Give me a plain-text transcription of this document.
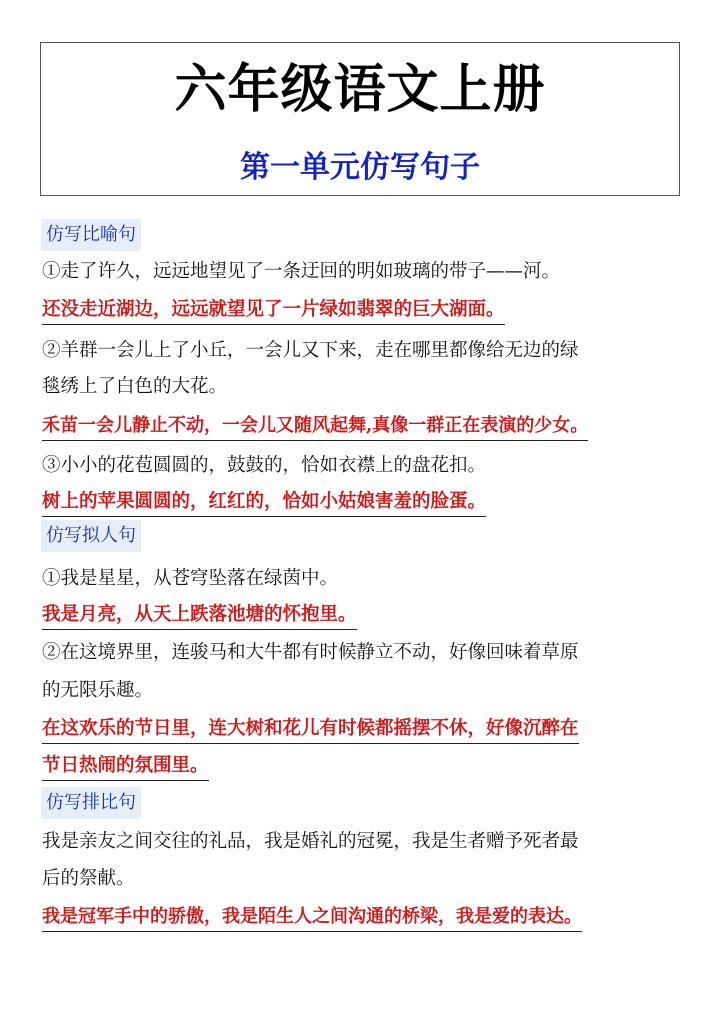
六年级语文上册
第一单元仿写句子
仿写比喻句
①走了许久，远远地望见了一条迂回的明如玻璃的带子——河。
还没走近湖边，远远就望见了一片绿如翡翠的巨大湖面。
②羊群一会儿上了小丘，一会儿又下来，走在哪里都像给无边的绿
毯绣上了白色的大花。
禾苗一会儿静止不动，一会儿又随风起舞,真像一群正在表演的少女。
③小小的花苞圆圆的，鼓鼓的，恰如衣襟上的盘花扣。
树上的苹果圆圆的，红红的，恰如小姑娘害羞的脸蛋。
仿写拟人句
①我是星星，从苍穹坠落在绿茵中。
我是月亮，从天上跌落池塘的怀抱里。
②在这境界里，连骏马和大牛都有时候静立不动，好像回味着草原
的无限乐趣。
在这欢乐的节日里，连大树和花儿有时候都摇摆不休，好像沉醉在
节日热闹的氛围里。
仿写排比句
我是亲友之间交往的礼品，我是婚礼的冠冕，我是生者赠予死者最
后的祭献。
我是冠军手中的骄傲，我是陌生人之间沟通的桥梁，我是爱的表达。
